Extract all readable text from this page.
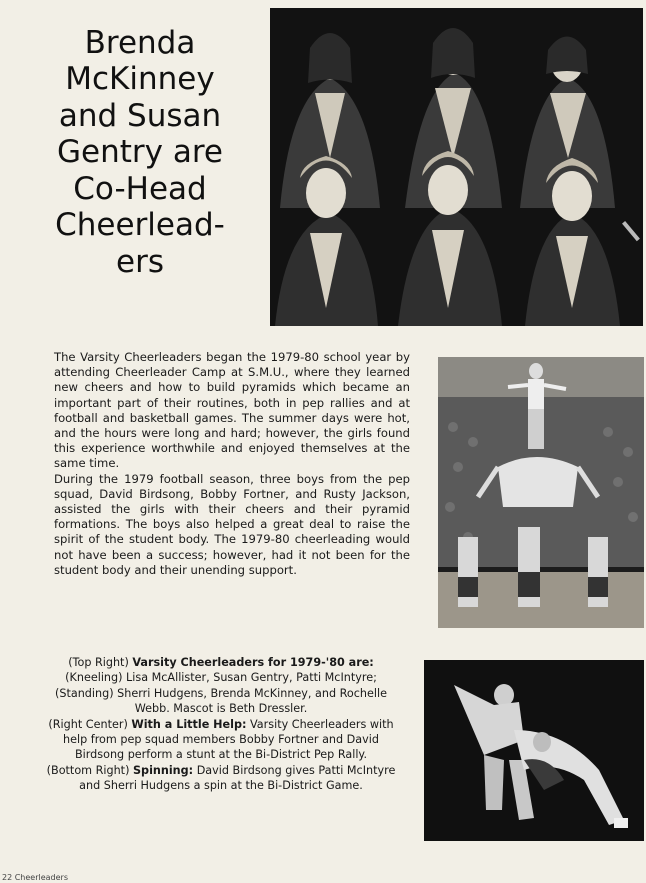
Brenda
McKinney
and Susan
Gentry are
Co-Head
Cheerlead-
ers

The Varsity Cheerleaders began the 1979-80 school year by attending Cheerleader Camp at S.M.U., where they learned new cheers and how to build pyramids which became an important part of their routines, both in pep rallies and at football and basketball games. The summer days were hot, and the hours were long and hard; however, the girls found this experience worthwhile and enjoyed themselves at the same time.

During the 1979 football season, three boys from the pep squad, David Birdsong, Bobby Fortner, and Rusty Jackson, assisted the girls with their cheers and their pyramid formations. The boys also helped a great deal to raise the spirit of the student body. The 1979-80 cheerleading would not have been a success; however, had it not been for the student body and their unending support.

(Top Right) Varsity Cheerleaders for 1979-'80 are: (Kneeling) Lisa McAllister, Susan Gentry, Patti McIntyre; (Standing) Sherri Hudgens, Brenda McKinney, and Rochelle Webb. Mascot is Beth Dressler.

(Right Center) With a Little Help: Varsity Cheerleaders with help from pep squad members Bobby Fortner and David Birdsong perform a stunt at the Bi-District Pep Rally.

(Bottom Right) Spinning: David Birdsong gives Patti McIntyre and Sherri Hudgens a spin at the Bi-District Game.

22 Cheerleaders
